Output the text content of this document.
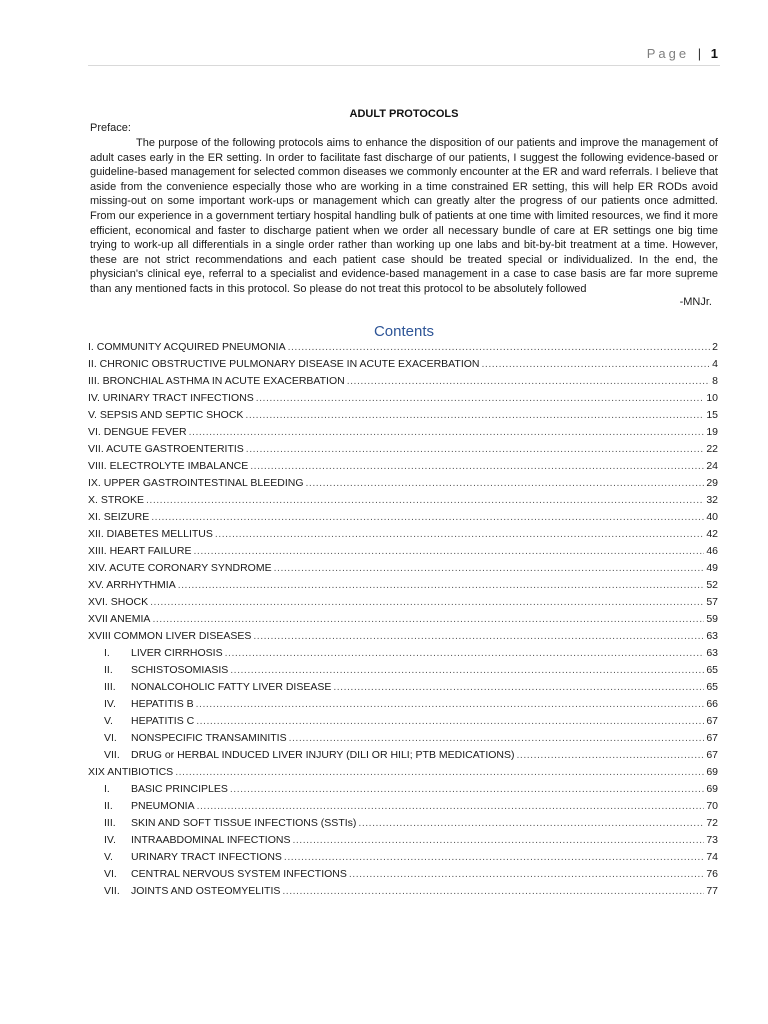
Page | 1
ADULT PROTOCOLS
Preface:
The purpose of the following protocols aims to enhance the disposition of our patients and improve the management of adult cases early in the ER setting. In order to facilitate fast discharge of our patients, I suggest the following evidence-based or guideline-based management for selected common diseases we commonly encounter at the ER and ward referrals. I believe that aside from the convenience especially those who are working in a time constrained ER setting, this will help ER RODs avoid missing-out on some important work-ups or management which can greatly alter the progress of our patients once admitted. From our experience in a government tertiary hospital handling bulk of patients at one time with limited resources, we find it more efficient, economical and faster to discharge patient when we order all necessary bundle of care at ER settings one big time trying to work-up all differentials in a single order rather than working up one labs and bit-by-bit treatment at a time. However, these are not strict recommendations and each patient case should be treated special or individualized. In the end, the physician's clinical eye, referral to a specialist and evidence-based management in a case to case basis are far more supreme than any mentioned facts in this protocol. So please do not treat this protocol to be absolutely followed
-MNJr.
Contents
I. COMMUNITY ACQUIRED PNEUMONIA .....	2
II. CHRONIC OBSTRUCTIVE PULMONARY DISEASE IN ACUTE EXACERBATION .....	4
III. BRONCHIAL ASTHMA IN ACUTE EXACERBATION .....	8
IV. URINARY TRACT INFECTIONS .....	10
V. SEPSIS AND SEPTIC SHOCK .....	15
VI. DENGUE FEVER .....	19
VII. ACUTE GASTROENTERITIS .....	22
VIII. ELECTROLYTE IMBALANCE .....	24
IX. UPPER GASTROINTESTINAL BLEEDING .....	29
X. STROKE .....	32
XI. SEIZURE .....	40
XII. DIABETES MELLITUS .....	42
XIII. HEART FAILURE .....	46
XIV. ACUTE CORONARY SYNDROME .....	49
XV. ARRHYTHMIA .....	52
XVI. SHOCK .....	57
XVII ANEMIA .....	59
XVIII COMMON LIVER DISEASES .....	63
I.	LIVER CIRRHOSIS .....	63
II.	SCHISTOSOMIASIS .....	65
III.	NONALCOHOLIC FATTY LIVER DISEASE .....	65
IV.	HEPATITIS B .....	66
V.	HEPATITIS C .....	67
VI.	NONSPECIFIC TRANSAMINITIS .....	67
VII.	DRUG or HERBAL INDUCED LIVER INJURY (DILI OR HILI; PTB MEDICATIONS) .....	67
XIX ANTIBIOTICS .....	69
I.	BASIC PRINCIPLES .....	69
II.	PNEUMONIA .....	70
III.	SKIN AND SOFT TISSUE INFECTIONS (SSTIs) .....	72
IV.	INTRAABDOMINAL INFECTIONS .....	73
V.	URINARY TRACT INFECTIONS .....	74
VI.	CENTRAL NERVOUS SYSTEM INFECTIONS .....	76
VII.	JOINTS AND OSTEOMYELITIS .....	77
